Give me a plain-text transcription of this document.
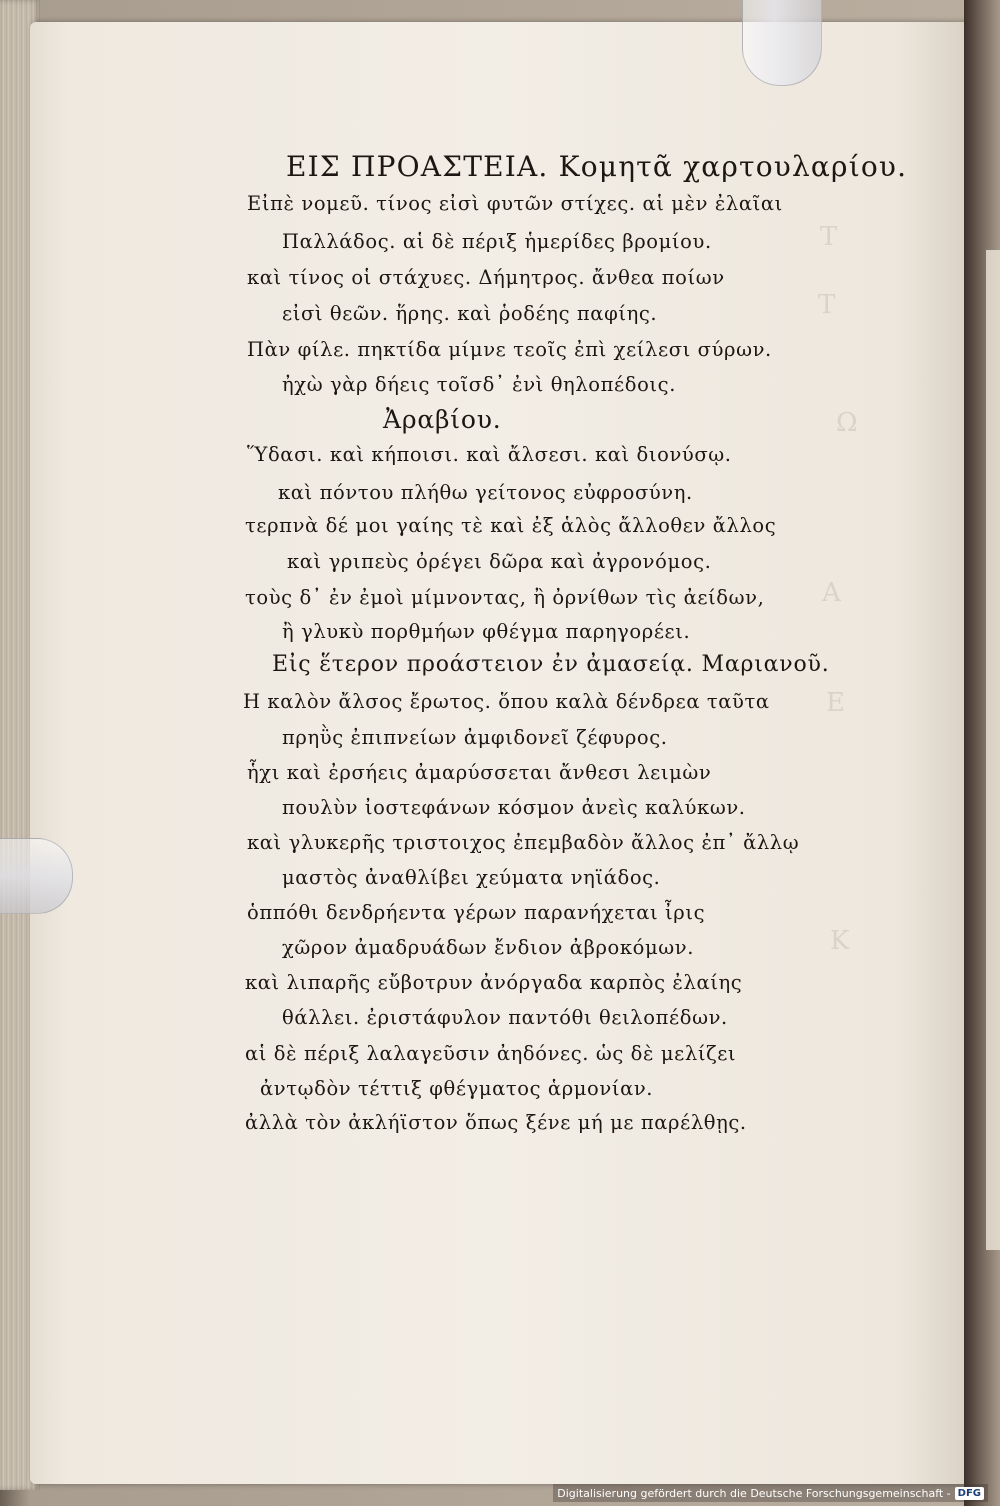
T
T
Ω
A
E
K
ΕΙΣ ΠΡΟΑΣΤΕΙΑ. Κομητᾶ χαρτουλαρίου.
Εἰπὲ νομεῦ. τίνος εἰσὶ φυτῶν στίχες. αἱ μὲν ἐλαῖαι
Παλλάδος. αἱ δὲ πέριξ ἡμερίδες βρομίου.
καὶ τίνος οἱ στάχυες. Δήμητρος. ἄνθεα ποίων
εἰσὶ θεῶν. ἥρης. καὶ ῥοδέης παφίης.
Πὰν φίλε. πηκτίδα μίμνε τεοῖς ἐπὶ χείλεσι σύρων.
ἠχὼ γὰρ δήεις τοῖσδ᾽ ἐνὶ θηλοπέδοις.
Ἀραβίου.
Ὕδασι. καὶ κήποισι. καὶ ἄλσεσι. καὶ διονύσῳ.
καὶ πόντου πλήθω γείτονος εὐφροσύνη.
τερπνὰ δέ μοι γαίης τὲ καὶ ἐξ ἁλὸς ἄλλοθεν ἄλλος
καὶ γριπεὺς ὀρέγει δῶρα καὶ ἀγρονόμος.
τοὺς δ᾽ ἐν ἐμοὶ μίμνοντας, ἢ ὀρνίθων τὶς ἀείδων,
ἢ γλυκὺ πορθμήων φθέγμα παρηγορέει.
Εἰς ἕτερον προάστειον ἐν ἀμασείᾳ. Μαριανοῦ.
Η καλὸν ἄλσος ἔρωτος. ὅπου καλὰ δένδρεα ταῦτα
πρηῢς ἐπιπνείων ἀμφιδονεῖ ζέφυρος.
ἧχι καὶ ἐρσήεις ἀμαρύσσεται ἄνθεσι λειμὼν
πουλὺν ἰοστεφάνων κόσμον ἀνεὶς καλύκων.
καὶ γλυκερῆς τριστοιχος ἐπεμβαδὸν ἄλλος ἐπ᾽ ἄλλῳ
μαστὸς ἀναθλίβει χεύματα νηϊάδος.
ὁππόθι δενδρήεντα γέρων παρανήχεται ἶρις
χῶρον ἀμαδρυάδων ἔνδιον ἀβροκόμων.
καὶ λιπαρῆς εὔβοτρυν ἀνόργαδα καρπὸς ἐλαίης
θάλλει. ἐριστάφυλον παντόθι θειλοπέδων.
αἱ δὲ πέριξ λαλαγεῦσιν ἀηδόνες. ὡς δὲ μελίζει
ἀντῳδὸν τέττιξ φθέγματος ἁρμονίαν.
ἀλλὰ τὸν ἀκλήϊστον ὅπως ξένε μή με παρέλθῃς.
Digitalisierung gefördert durch die Deutsche Forschungsgemeinschaft - DFG
